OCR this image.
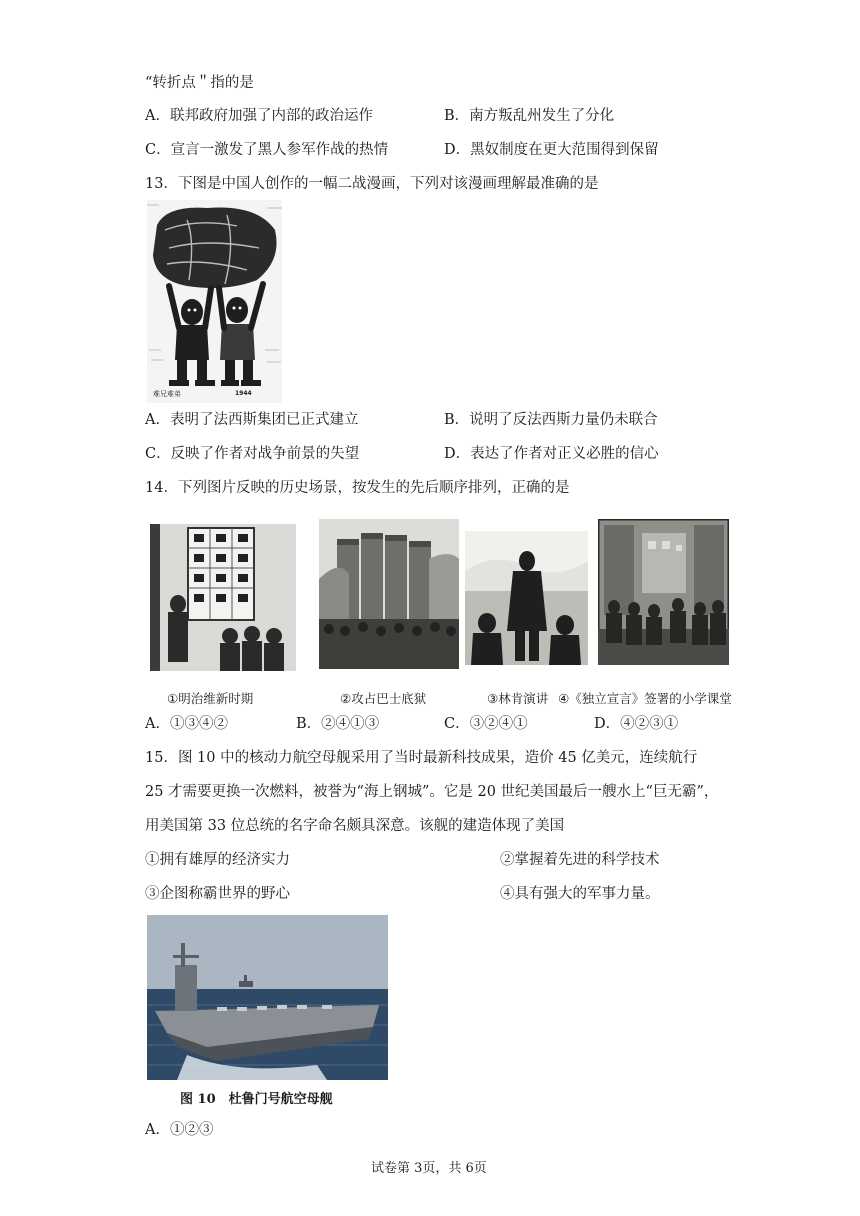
“转折点＂指的是
A．联邦政府加强了内部的政治运作	B．南方叛乱州发生了分化
C．宣言一激发了黑人参军作战的热情	D．黑奴制度在更大范围得到保留
13．下图是中国人创作的一幅二战漫画，下列对该漫画理解最准确的是
难兄难弟	1944
A．表明了法西斯集团已正式建立	B．说明了反法西斯力量仍未联合
C．反映了作者对战争前景的失望	D．表达了作者对正义必胜的信心
14．下列图片反映的历史场景，按发生的先后顺序排列，正确的是
①明治维新时期	②攻占巴士底狱	③林肯演讲 ④《独立宣言》签署的小学课堂
A．①③④②	B．②④①③	C．③②④①	D．④②③①
15．图 10 中的核动力航空母舰采用了当时最新科技成果，造价 45 亿美元，连续航行
25 才需要更换一次燃料，被誉为“海上钢城”。它是 20 世纪美国最后一艘水上“巨无霸”，
用美国第 33 位总统的名字命名颇具深意。该舰的建造体现了美国
①拥有雄厚的经济实力	②掌握着先进的科学技术
③企图称霸世界的野心	④具有强大的军事力量。
图 10　杜鲁门号航空母舰
A．①②③
试卷第 3页，共 6页
